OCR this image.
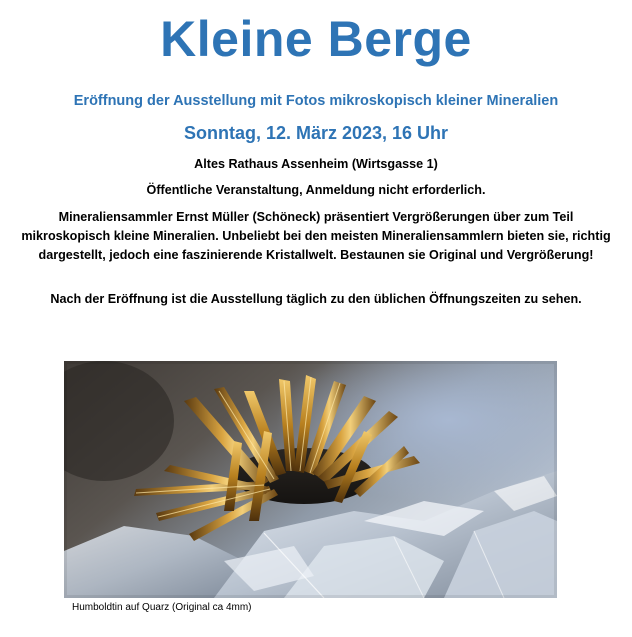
Kleine Berge
Eröffnung der Ausstellung mit Fotos mikroskopisch kleiner Mineralien
Sonntag, 12. März 2023, 16 Uhr
Altes Rathaus Assenheim (Wirtsgasse 1)
Öffentliche Veranstaltung, Anmeldung nicht erforderlich.
Mineraliensammler Ernst Müller (Schöneck) präsentiert Vergrößerungen über zum Teil mikroskopisch kleine Mineralien. Unbeliebt bei den meisten Mineraliensammlern bieten sie, richtig dargestellt, jedoch eine faszinierende Kristallwelt. Bestaunen sie Original und Vergrößerung!
Nach der Eröffnung ist die Ausstellung täglich zu den üblichen Öffnungszeiten zu sehen.
Humboldtin auf Quarz (Original ca 4mm)
